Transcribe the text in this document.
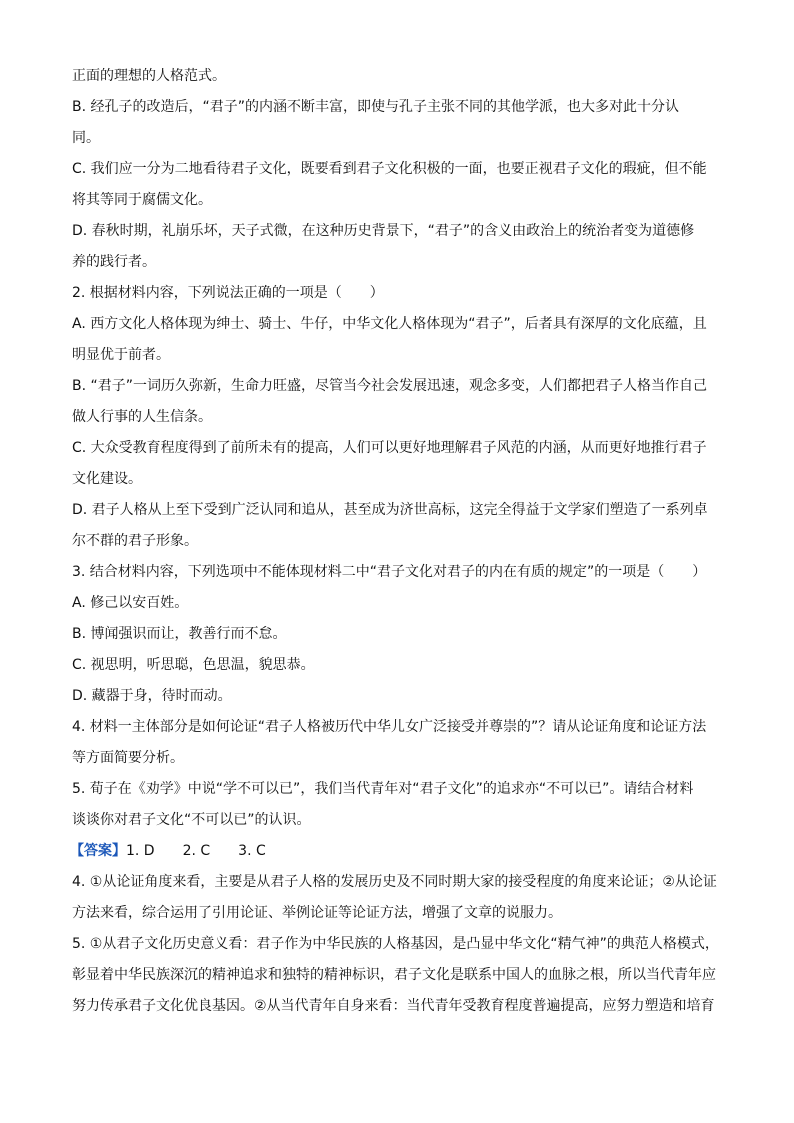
正面的理想的人格范式。

B. 经孔子的改造后，“君子”的内涵不断丰富，即使与孔子主张不同的其他学派，也大多对此十分认

同。

C. 我们应一分为二地看待君子文化，既要看到君子文化积极的一面，也要正视君子文化的瑕疵，但不能

将其等同于腐儒文化。

D. 春秋时期，礼崩乐坏，天子式微，在这种历史背景下，“君子”的含义由政治上的统治者变为道德修

养的践行者。

2. 根据材料内容，下列说法正确的一项是（　　）

A. 西方文化人格体现为绅士、骑士、牛仔，中华文化人格体现为“君子”，后者具有深厚的文化底蕴，且

明显优于前者。

B. “君子”一词历久弥新，生命力旺盛，尽管当今社会发展迅速，观念多变，人们都把君子人格当作自己

做人行事的人生信条。

C. 大众受教育程度得到了前所未有的提高，人们可以更好地理解君子风范的内涵，从而更好地推行君子

文化建设。

D. 君子人格从上至下受到广泛认同和追从，甚至成为济世高标，这完全得益于文学家们塑造了一系列卓

尔不群的君子形象。

3. 结合材料内容，下列选项中不能体现材料二中“君子文化对君子的内在有质的规定”的一项是（　　）

A. 修己以安百姓。

B. 博闻强识而让，教善行而不怠。

C. 视思明，听思聪，色思温，貌思恭。

D. 藏器于身，待时而动。

4. 材料一主体部分是如何论证“君子人格被历代中华儿女广泛接受并尊崇的”？请从论证角度和论证方法

等方面简要分析。

5. 荀子在《劝学》中说“学不可以已”，我们当代青年对“君子文化”的追求亦“不可以已”。请结合材料

谈谈你对君子文化“不可以已”的认识。

【答案】1. D　　2. C　　3. C

4. ①从论证角度来看，主要是从君子人格的发展历史及不同时期大家的接受程度的角度来论证；②从论证

方法来看，综合运用了引用论证、举例论证等论证方法，增强了文章的说服力。

5. ①从君子文化历史意义看：君子作为中华民族的人格基因，是凸显中华文化“精气神”的典范人格模式，

彰显着中华民族深沉的精神追求和独特的精神标识，君子文化是联系中国人的血脉之根，所以当代青年应

努力传承君子文化优良基因。②从当代青年自身来看：当代青年受教育程度普遍提高，应努力塑造和培育
